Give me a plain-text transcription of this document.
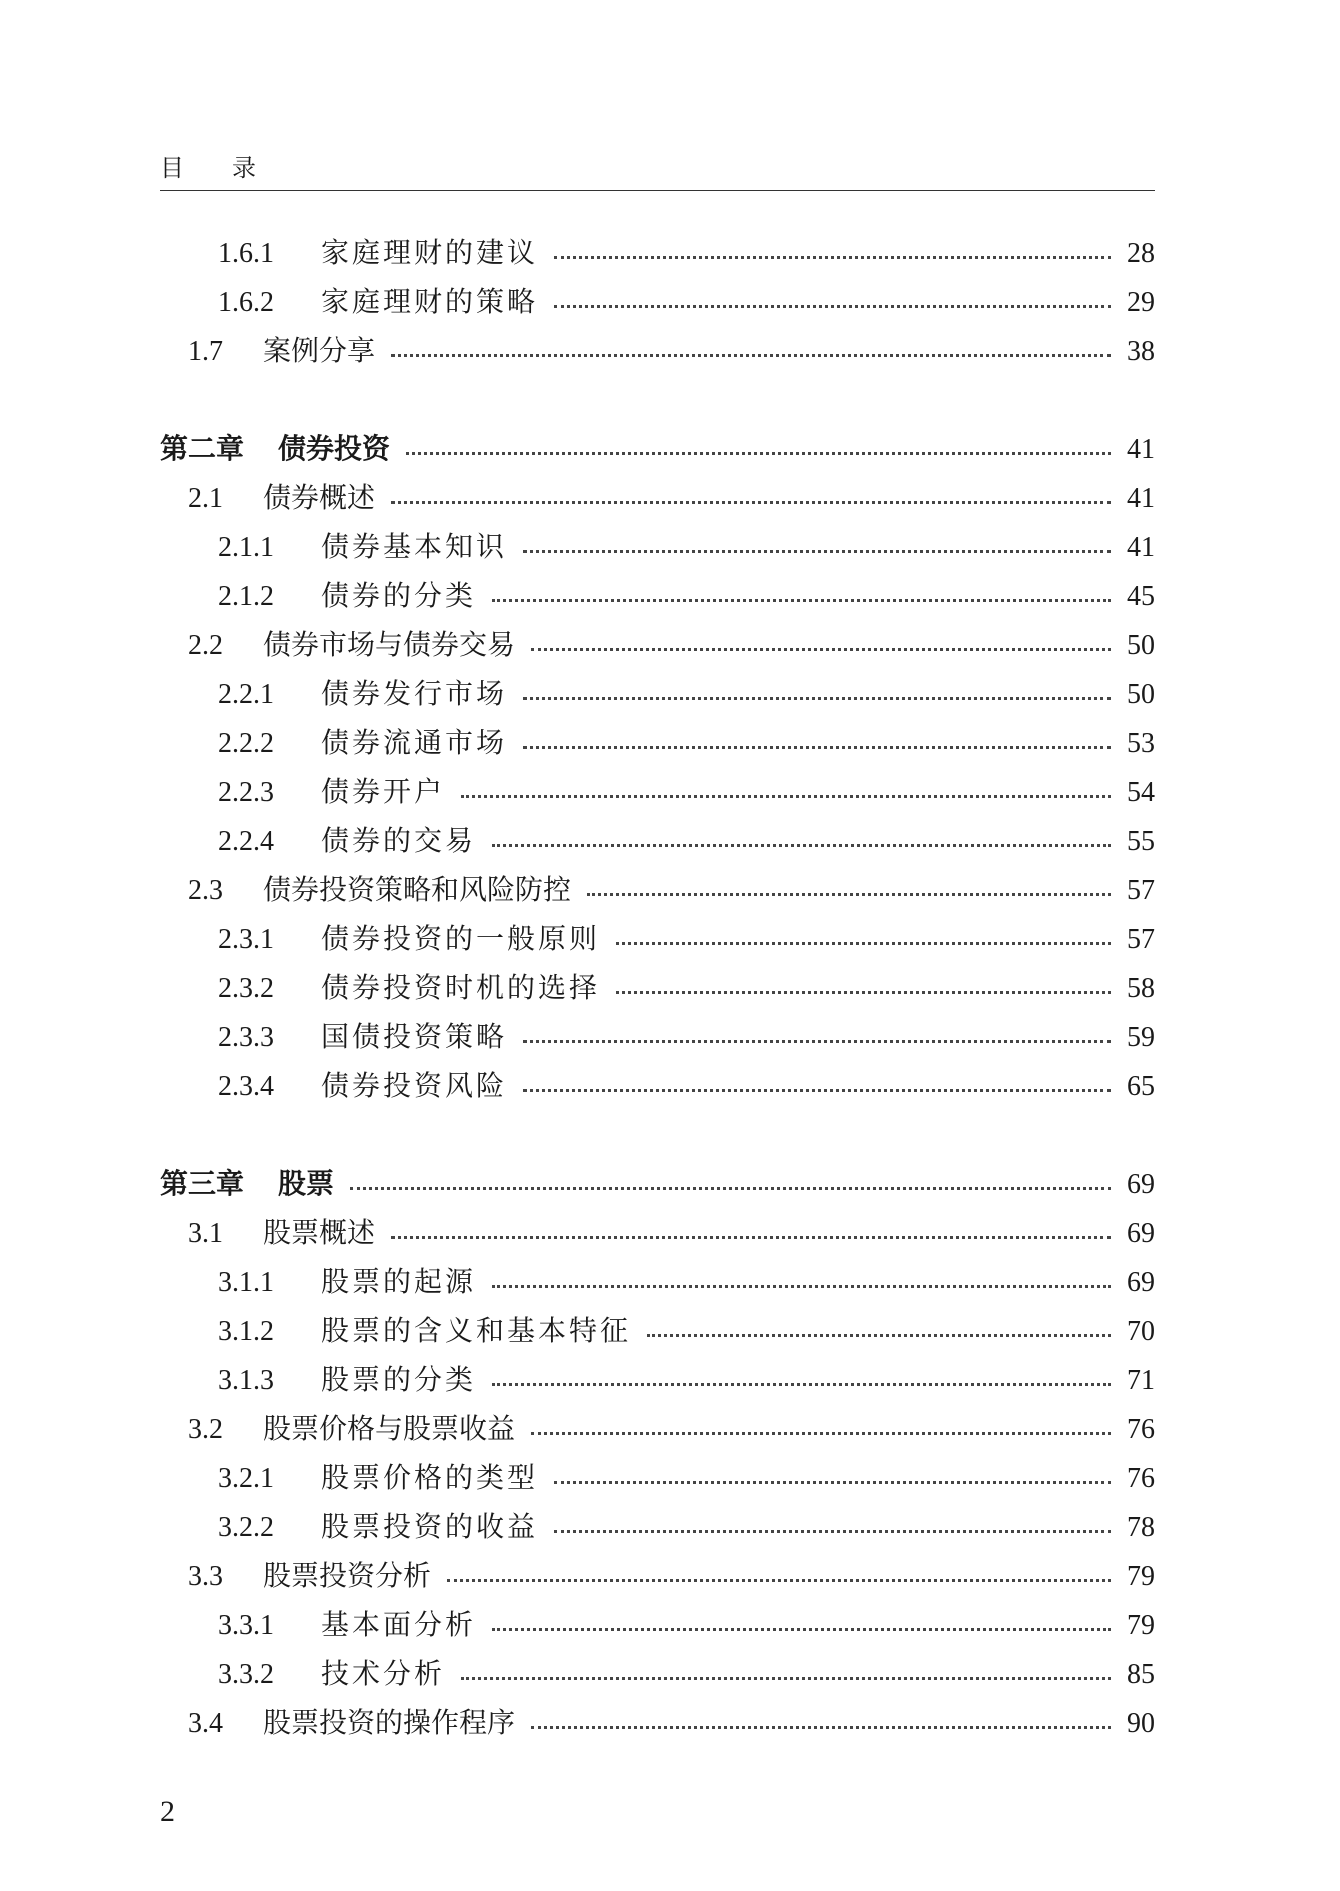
目 录
1.6.1	家庭理财的建议	28
1.6.2	家庭理财的策略	29
1.7	案例分享	38
第二章	债券投资	41
2.1	债券概述	41
2.1.1	债券基本知识	41
2.1.2	债券的分类	45
2.2	债券市场与债券交易	50
2.2.1	债券发行市场	50
2.2.2	债券流通市场	53
2.2.3	债券开户	54
2.2.4	债券的交易	55
2.3	债券投资策略和风险防控	57
2.3.1	债券投资的一般原则	57
2.3.2	债券投资时机的选择	58
2.3.3	国债投资策略	59
2.3.4	债券投资风险	65
第三章	股票	69
3.1	股票概述	69
3.1.1	股票的起源	69
3.1.2	股票的含义和基本特征	70
3.1.3	股票的分类	71
3.2	股票价格与股票收益	76
3.2.1	股票价格的类型	76
3.2.2	股票投资的收益	78
3.3	股票投资分析	79
3.3.1	基本面分析	79
3.3.2	技术分析	85
3.4	股票投资的操作程序	90
2
